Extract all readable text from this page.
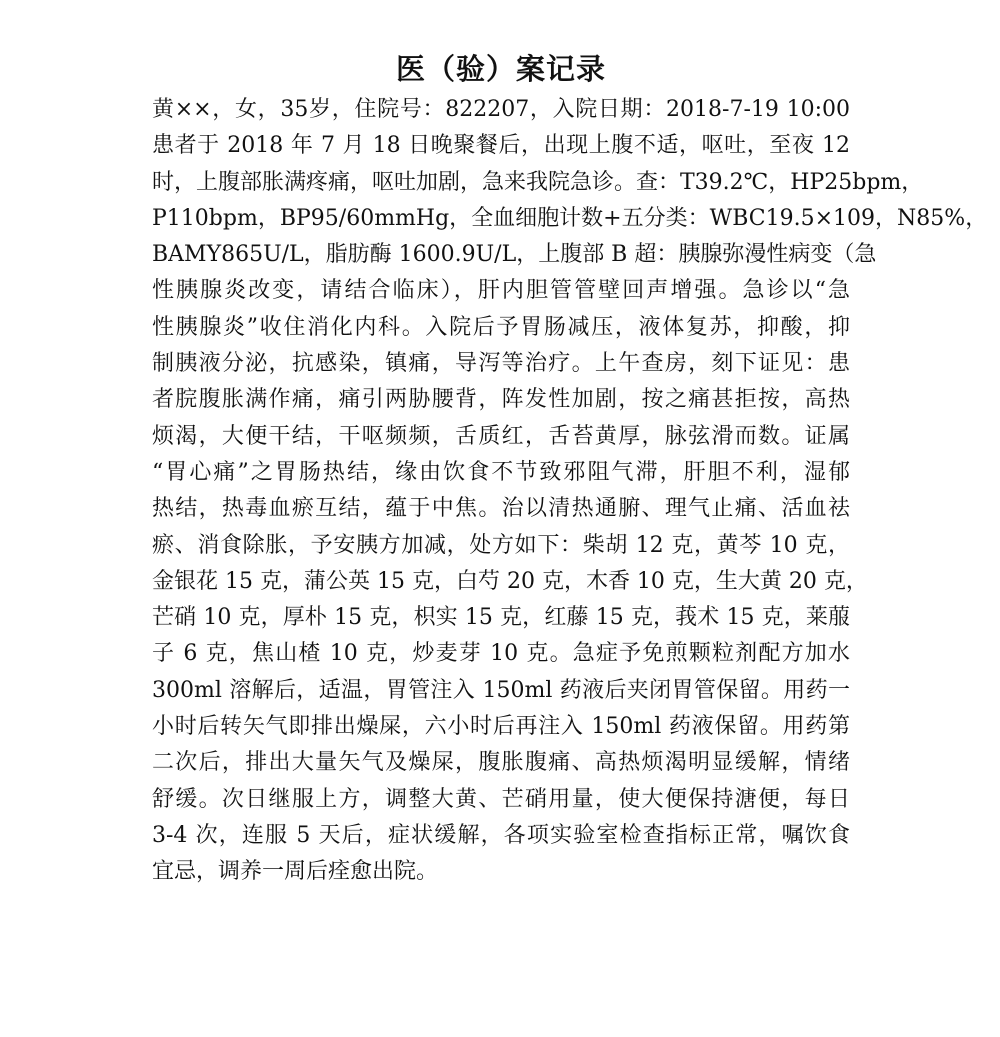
医（验）案记录
黄××，女，35岁，住院号：822207，入院日期：2018-7-19 10:00
患者于 2018 年 7 月 18 日晚聚餐后，出现上腹不适，呕吐，至夜 12
时，上腹部胀满疼痛，呕吐加剧，急来我院急诊。查：T39.2℃，HP25bpm，
P110bpm，BP95/60mmHg，全血细胞计数+五分类：WBC19.5×109，N85%，
BAMY865U/L，脂肪酶 1600.9U/L，上腹部 B 超：胰腺弥漫性病变（急
性胰腺炎改变，请结合临床），肝内胆管管壁回声增强。急诊以“急
性胰腺炎”收住消化内科。入院后予胃肠减压，液体复苏，抑酸，抑
制胰液分泌，抗感染，镇痛，导泻等治疗。上午查房，刻下证见：患
者脘腹胀满作痛，痛引两胁腰背，阵发性加剧，按之痛甚拒按，高热
烦渴，大便干结，干呕频频，舌质红，舌苔黄厚，脉弦滑而数。证属
“胃心痛”之胃肠热结，缘由饮食不节致邪阻气滞，肝胆不利，湿郁
热结，热毒血瘀互结，蕴于中焦。治以清热通腑、理气止痛、活血祛
瘀、消食除胀，予安胰方加减，处方如下：柴胡 12 克，黄芩 10 克，
金银花 15 克，蒲公英 15 克，白芍 20 克，木香 10 克，生大黄 20 克，
芒硝 10 克，厚朴 15 克，枳实 15 克，红藤 15 克，莪术 15 克，莱菔
子 6 克，焦山楂 10 克，炒麦芽 10 克。急症予免煎颗粒剂配方加水
300ml 溶解后，适温，胃管注入 150ml 药液后夹闭胃管保留。用药一
小时后转矢气即排出燥屎，六小时后再注入 150ml 药液保留。用药第
二次后，排出大量矢气及燥屎，腹胀腹痛、高热烦渴明显缓解，情绪
舒缓。次日继服上方，调整大黄、芒硝用量，使大便保持溏便，每日
3-4 次，连服 5 天后，症状缓解，各项实验室检查指标正常，嘱饮食
宜忌，调养一周后痊愈出院。
